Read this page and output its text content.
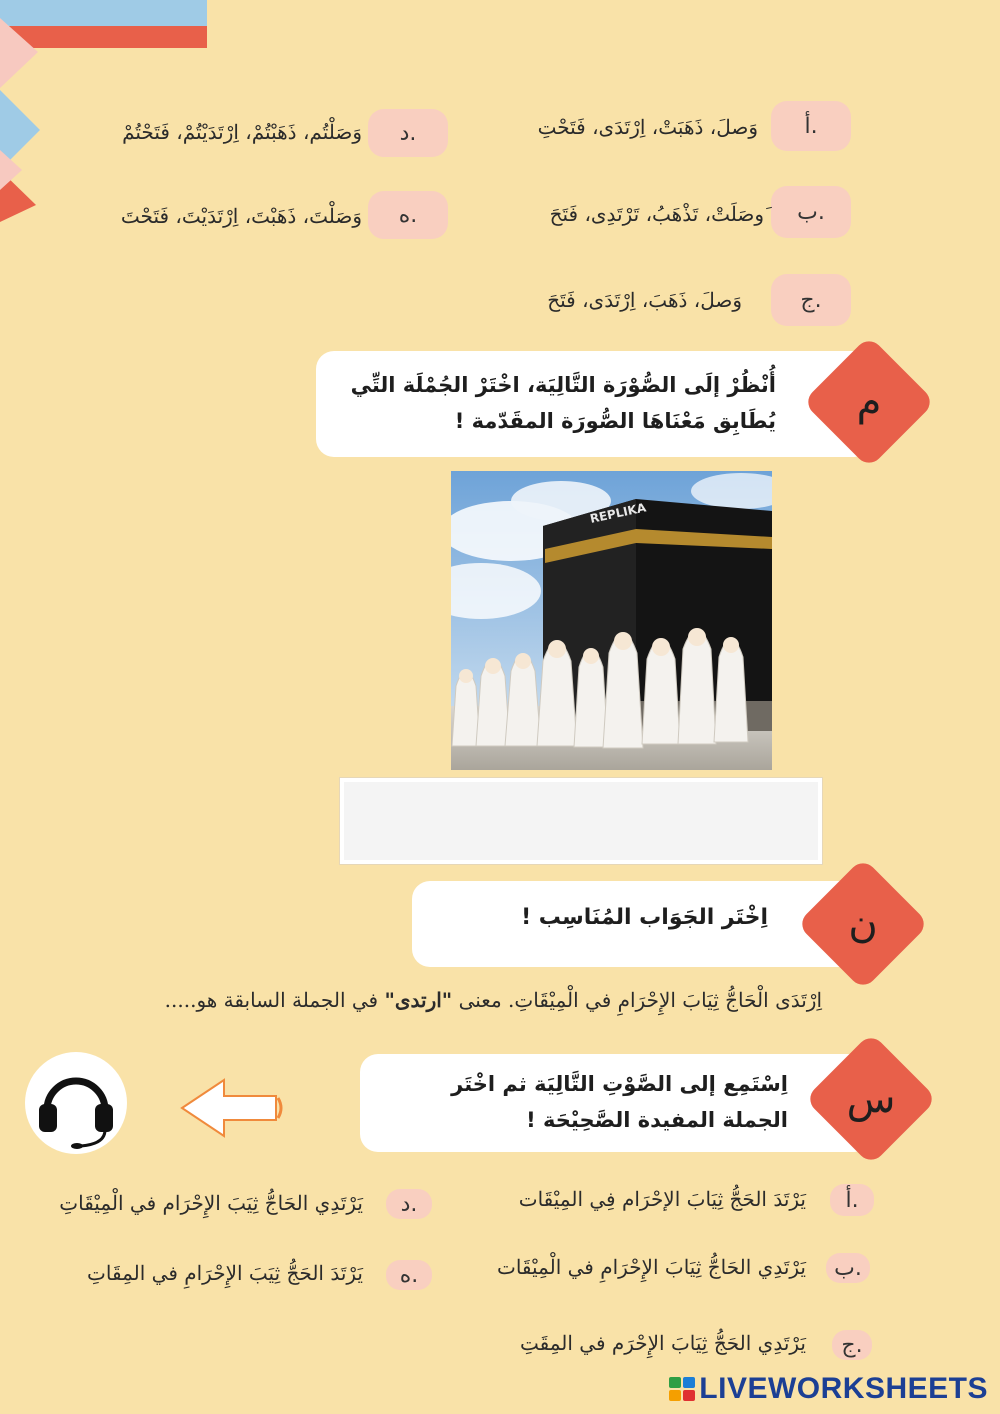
أ.
وَصلَ، ذَهَبَتْ، اِرْتَدَى، فَتَحْتِ
د.
وَصَلْتُم، ذَهَبْتُمْ، اِرْتَدَيْتُمْ، فَتَحْتُمْ
ب.
َوصَلَتْ، تَذْهَبُ، تَرْتَدِى، فَتَحَ
ه.
وَصَلْتَ، ذَهَبْتَ، اِرْتَدَيْتَ، فَتَحْتَ
ج.
وَصلَ، ذَهَبَ، اِرْتَدَى، فَتَحَ
أُنْظُرْ إلَى الصُّوْرَة التَّالِيَة، اخْتَرْ الجُمْلَة التِّي
يُطَابِق مَعْنَاهَا الصُّورَة المقَدّمة ! م
REPLIKA
اِخْتَر الجَوَاب المُنَاسِب ! ن
اِرْتَدَى الْحَاجُّ ثِيَابَ الإِحْرَامِ في الْمِيْقَاتِ. معنى "ارتدى" في الجملة السابقة هو.....
اِسْتَمِع إلى الصَّوْتِ التَّالِيَة ثم اخْتَر
الجملة المفيدة الصَّحِيْحَة ! س
أ.
يَرْتَدَ الحَجُّ ثِيَابَ الإحْرَام فِي المِيْقَات
د.
يَرْتَدِي الحَاجُّ ثِيَبَ الإِحْرَام في الْمِيْقَاتِ
ب.
يَرْتَدِي الحَاجُّ ثِيَابَ الإِحْرَامِ في الْمِيْقَات
ه.
يَرْتَدَ الحَجُّ ثِيَبَ الإِحْرَامِ في المِقَاتِ
ج.
يَرْتَدِي الحَجُّ ثِيَابَ الإِحْرَم في المِقَتِ
LIVEWORKSHEETS
